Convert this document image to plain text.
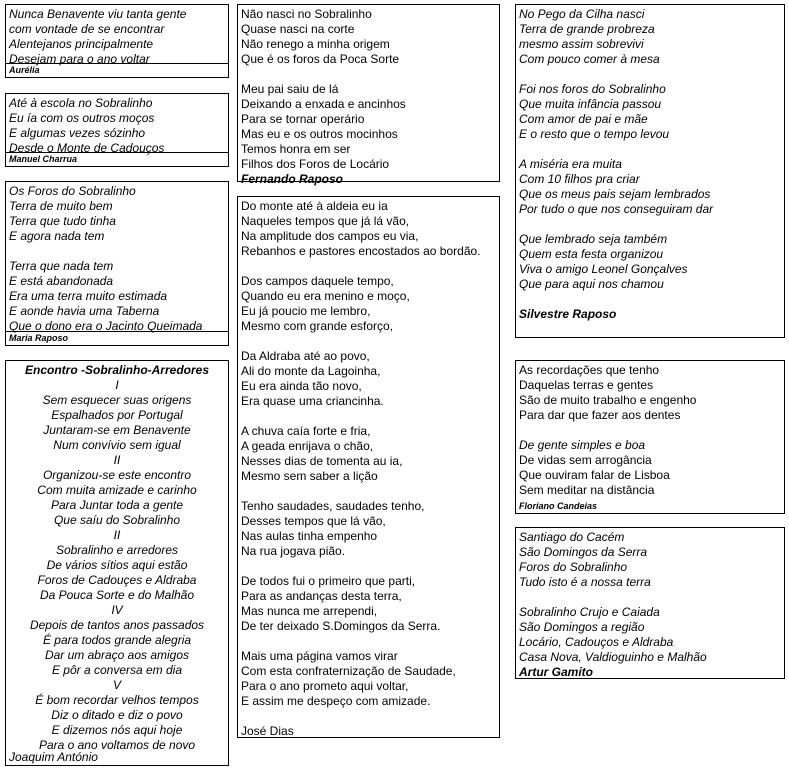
Nunca Benavente viu tanta gente
com vontade de se encontrar
Alentejanos principalmente
Desejam para o ano voltar
Aurélia
Até à escola no Sobralinho
Eu ía com os outros moços
E algumas vezes sózinho
Desde o Monte de Cadouços
Manuel Charrua
Os Foros do Sobralinho
Terra de muito bem
Terra que tudo tinha
E agora nada tem
Terra que nada tem
E está abandonada
Era uma terra muito estimada
E aonde havia uma Taberna
Que o dono era o Jacinto Queimada
Maria Raposo
Encontro -Sobralinho-Arredores
I
Sem esquecer suas origens
Espalhados por Portugal
Juntaram-se em Benavente
Num convívio sem igual
II
Organizou-se este encontro
Com muita amizade e carinho
Para Juntar toda a gente
Que saíu do Sobralinho
II
Sobralinho e arredores
De vários sítios aqui estão
Foros de Cadouçes e Aldraba
Da Pouca Sorte e do Malhão
IV
Depois de tantos anos passados
É para todos grande alegria
Dar um abraço aos amigos
E pôr a conversa em dia
V
É bom recordar velhos tempos
Diz o ditado e diz o povo
E dizemos nós aqui hoje
Para o ano voltamos de novo
Joaquim António
Não nasci no Sobralinho
Quase nasci na corte
Não renego a minha origem
Que é os foros da Poca Sorte
Meu pai saiu de lá
Deixando a enxada e ancinhos
Para se tornar operário
Mas eu e os outros mocinhos
Temos honra em ser
Filhos dos Foros de Locário
Fernando Raposo
Do monte até à aldeia eu ia
Naqueles tempos que já lá vão,
Na amplitude dos campos eu via,
Rebanhos e pastores encostados ao bordão.
Dos campos daquele tempo,
Quando eu era menino e moço,
Eu já poucio me lembro,
Mesmo com grande esforço,
Da Aldraba até ao povo,
Ali do monte da Lagoinha,
Eu era ainda tão novo,
Era quase uma criancinha.
A chuva caía forte e fria,
A geada enrijava o chão,
Nesses dias de tomenta au ia,
Mesmo sem saber a lição
Tenho saudades, saudades tenho,
Desses tempos que lá vão,
Nas aulas tinha empenho
Na rua jogava pião.
De todos fui o primeiro que parti,
Para as andanças desta terra,
Mas nunca me arrependi,
De ter deixado S.Domingos da Serra.
Mais uma página vamos virar
Com esta confraternização de Saudade,
Para o ano prometo aqui voltar,
E assim me despeço com amizade.
José Dias
No Pego da Cilha nasci
Terra de grande probreza
mesmo assim sobrevivi
Com pouco comer à mesa
Foi nos foros do Sobralinho
Que muita infância passou
Com amor de pai e mãe
E o resto que o tempo levou
A miséria era muita
Com 10 filhos pra criar
Que os meus pais sejam lembrados
Por tudo o que nos conseguiram dar
Que lembrado seja também
Quem esta festa organizou
Viva o amigo Leonel Gonçalves
Que para aqui nos chamou
Silvestre Raposo
As recordações que tenho
Daquelas terras e gentes
São de muito trabalho e engenho
Para dar que fazer aos dentes
De gente simples e boa
De vidas sem arrogância
Que ouviram falar de Lisboa
Sem meditar na distância
Floriano Candeias
Santiago do Cacém
São Domingos da Serra
Foros do Sobralinho
Tudo isto é a nossa terra
Sobralinho Crujo e Caiada
São Domingos a região
Locário, Cadouços e Aldraba
Casa Nova, Valdioguinho e Malhão
Artur Gamito
